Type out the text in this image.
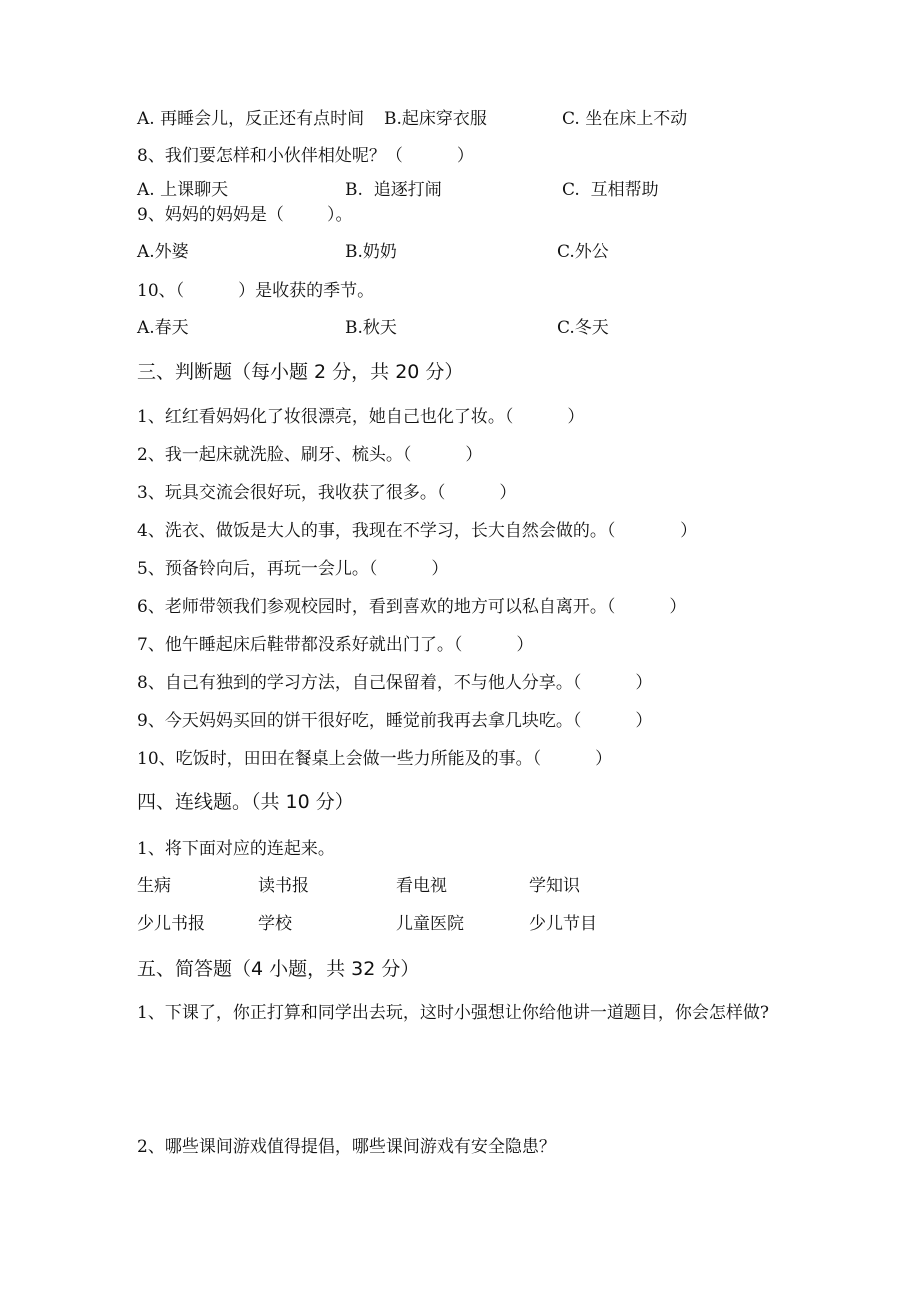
A. 再睡会儿，反正还有点时间 B.起床穿衣服	C. 坐在床上不动
8、我们要怎样和小伙伴相处呢？（          ）
A. 上课聊天	B.  追逐打闹	C.  互相帮助
9、妈妈的妈妈是（        ）。
A.外婆	B.奶奶	C.外公
10、（          ）是收获的季节。
A.春天	B.秋天	C.冬天
三、判断题（每小题 2 分，共 20 分）
1、红红看妈妈化了妆很漂亮，她自己也化了妆。（          ）
2、我一起床就洗脸、刷牙、梳头。（          ）
3、玩具交流会很好玩，我收获了很多。（          ）
4、洗衣、做饭是大人的事，我现在不学习，长大自然会做的。（            ）
5、预备铃向后，再玩一会儿。（          ）
6、老师带领我们参观校园时，看到喜欢的地方可以私自离开。（          ）
7、他午睡起床后鞋带都没系好就出门了。（          ）
8、自己有独到的学习方法，自己保留着，不与他人分享。（          ）
9、今天妈妈买回的饼干很好吃，睡觉前我再去拿几块吃。（          ）
10、吃饭时，田田在餐桌上会做一些力所能及的事。（          ）
四、连线题。（共 10 分）
1、将下面对应的连起来。
生病	读书报	看电视	学知识
少儿书报	学校	儿童医院	少儿节目
五、简答题（4 小题，共 32 分）
1、下课了，你正打算和同学出去玩，这时小强想让你给他讲一道题目，你会怎样做?
2、哪些课间游戏值得提倡，哪些课间游戏有安全隐患？
